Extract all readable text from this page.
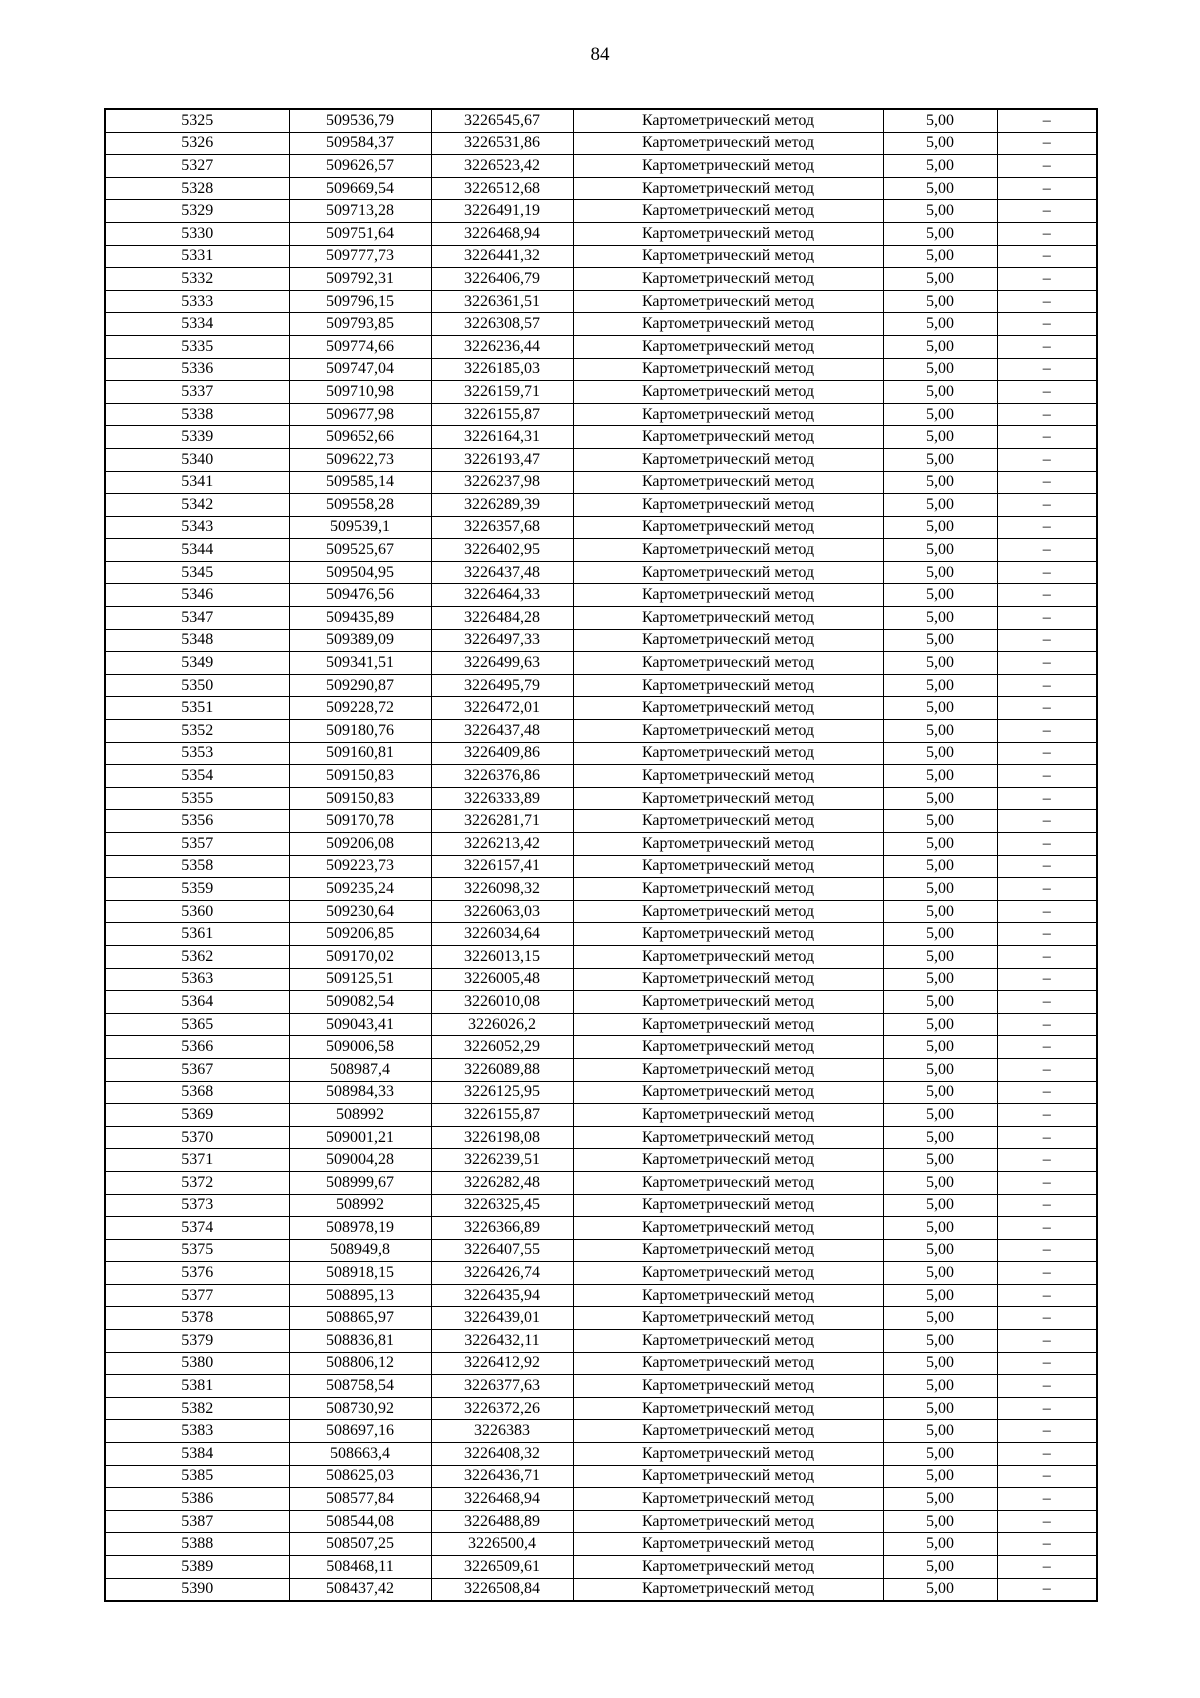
84
5325	509536,79	3226545,67	Картометрический метод	5,00	–
5326	509584,37	3226531,86	Картометрический метод	5,00	–
5327	509626,57	3226523,42	Картометрический метод	5,00	–
5328	509669,54	3226512,68	Картометрический метод	5,00	–
5329	509713,28	3226491,19	Картометрический метод	5,00	–
5330	509751,64	3226468,94	Картометрический метод	5,00	–
5331	509777,73	3226441,32	Картометрический метод	5,00	–
5332	509792,31	3226406,79	Картометрический метод	5,00	–
5333	509796,15	3226361,51	Картометрический метод	5,00	–
5334	509793,85	3226308,57	Картометрический метод	5,00	–
5335	509774,66	3226236,44	Картометрический метод	5,00	–
5336	509747,04	3226185,03	Картометрический метод	5,00	–
5337	509710,98	3226159,71	Картометрический метод	5,00	–
5338	509677,98	3226155,87	Картометрический метод	5,00	–
5339	509652,66	3226164,31	Картометрический метод	5,00	–
5340	509622,73	3226193,47	Картометрический метод	5,00	–
5341	509585,14	3226237,98	Картометрический метод	5,00	–
5342	509558,28	3226289,39	Картометрический метод	5,00	–
5343	509539,1	3226357,68	Картометрический метод	5,00	–
5344	509525,67	3226402,95	Картометрический метод	5,00	–
5345	509504,95	3226437,48	Картометрический метод	5,00	–
5346	509476,56	3226464,33	Картометрический метод	5,00	–
5347	509435,89	3226484,28	Картометрический метод	5,00	–
5348	509389,09	3226497,33	Картометрический метод	5,00	–
5349	509341,51	3226499,63	Картометрический метод	5,00	–
5350	509290,87	3226495,79	Картометрический метод	5,00	–
5351	509228,72	3226472,01	Картометрический метод	5,00	–
5352	509180,76	3226437,48	Картометрический метод	5,00	–
5353	509160,81	3226409,86	Картометрический метод	5,00	–
5354	509150,83	3226376,86	Картометрический метод	5,00	–
5355	509150,83	3226333,89	Картометрический метод	5,00	–
5356	509170,78	3226281,71	Картометрический метод	5,00	–
5357	509206,08	3226213,42	Картометрический метод	5,00	–
5358	509223,73	3226157,41	Картометрический метод	5,00	–
5359	509235,24	3226098,32	Картометрический метод	5,00	–
5360	509230,64	3226063,03	Картометрический метод	5,00	–
5361	509206,85	3226034,64	Картометрический метод	5,00	–
5362	509170,02	3226013,15	Картометрический метод	5,00	–
5363	509125,51	3226005,48	Картометрический метод	5,00	–
5364	509082,54	3226010,08	Картометрический метод	5,00	–
5365	509043,41	3226026,2	Картометрический метод	5,00	–
5366	509006,58	3226052,29	Картометрический метод	5,00	–
5367	508987,4	3226089,88	Картометрический метод	5,00	–
5368	508984,33	3226125,95	Картометрический метод	5,00	–
5369	508992	3226155,87	Картометрический метод	5,00	–
5370	509001,21	3226198,08	Картометрический метод	5,00	–
5371	509004,28	3226239,51	Картометрический метод	5,00	–
5372	508999,67	3226282,48	Картометрический метод	5,00	–
5373	508992	3226325,45	Картометрический метод	5,00	–
5374	508978,19	3226366,89	Картометрический метод	5,00	–
5375	508949,8	3226407,55	Картометрический метод	5,00	–
5376	508918,15	3226426,74	Картометрический метод	5,00	–
5377	508895,13	3226435,94	Картометрический метод	5,00	–
5378	508865,97	3226439,01	Картометрический метод	5,00	–
5379	508836,81	3226432,11	Картометрический метод	5,00	–
5380	508806,12	3226412,92	Картометрический метод	5,00	–
5381	508758,54	3226377,63	Картометрический метод	5,00	–
5382	508730,92	3226372,26	Картометрический метод	5,00	–
5383	508697,16	3226383	Картометрический метод	5,00	–
5384	508663,4	3226408,32	Картометрический метод	5,00	–
5385	508625,03	3226436,71	Картометрический метод	5,00	–
5386	508577,84	3226468,94	Картометрический метод	5,00	–
5387	508544,08	3226488,89	Картометрический метод	5,00	–
5388	508507,25	3226500,4	Картометрический метод	5,00	–
5389	508468,11	3226509,61	Картометрический метод	5,00	–
5390	508437,42	3226508,84	Картометрический метод	5,00	–
